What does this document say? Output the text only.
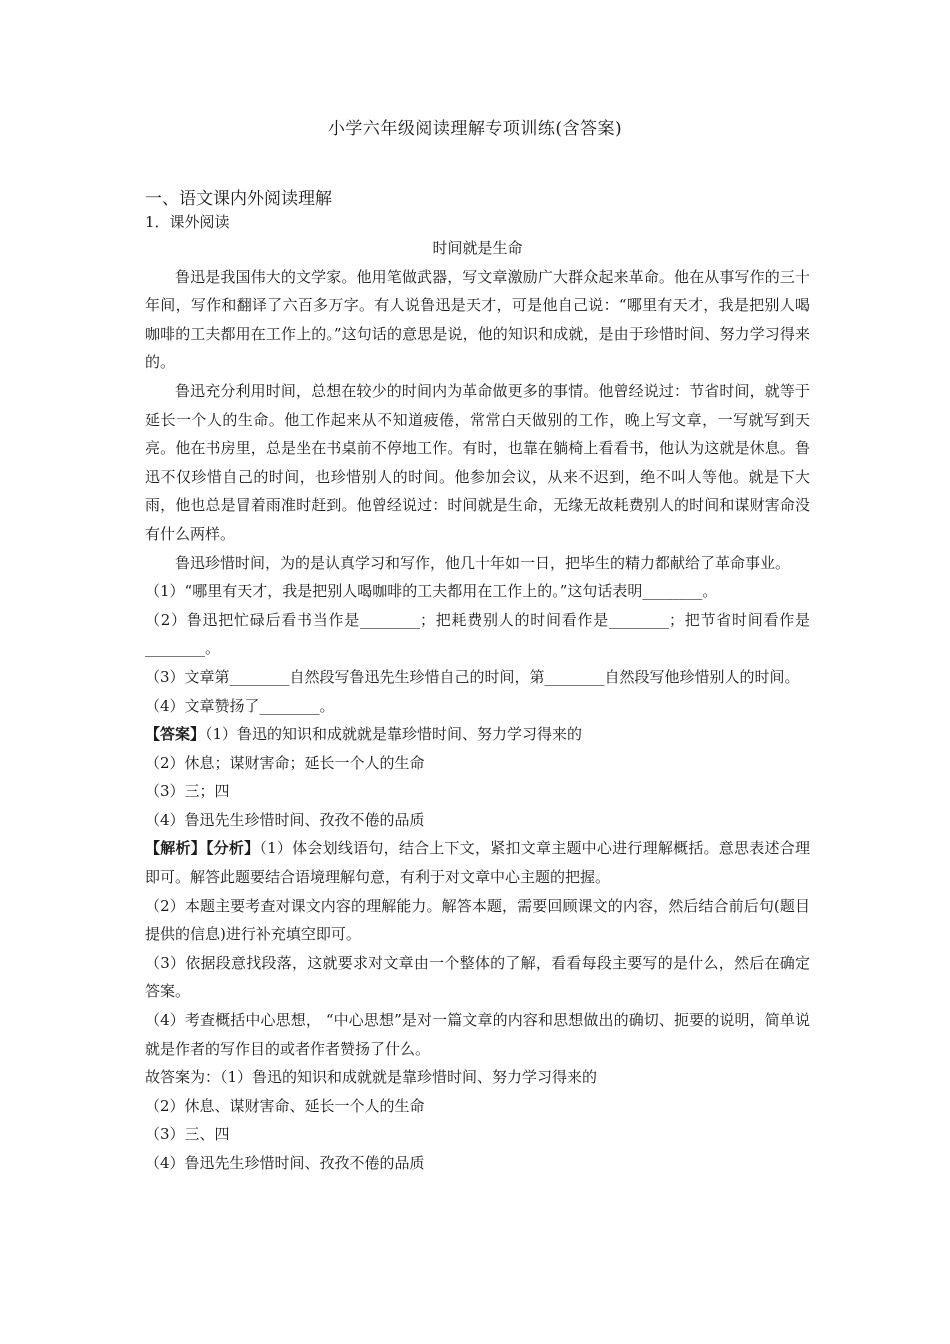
小学六年级阅读理解专项训练(含答案)
一、语文课内外阅读理解
1．课外阅读

时间就是生命

鲁迅是我国伟大的文学家。他用笔做武器，写文章激励广大群众起来革命。他在从事写作的三十年间，写作和翻译了六百多万字。有人说鲁迅是天才，可是他自己说：“哪里有天才，我是把别人喝咖啡的工夫都用在工作上的。”这句话的意思是说，他的知识和成就，是由于珍惜时间、努力学习得来的。

鲁迅充分利用时间，总想在较少的时间内为革命做更多的事情。他曾经说过：节省时间，就等于延长一个人的生命。他工作起来从不知道疲倦，常常白天做别的工作，晚上写文章，一写就写到天亮。他在书房里，总是坐在书桌前不停地工作。有时，也靠在躺椅上看看书，他认为这就是休息。鲁迅不仅珍惜自己的时间，也珍惜别人的时间。他参加会议，从来不迟到，绝不叫人等他。就是下大雨，他也总是冒着雨准时赶到。他曾经说过：时间就是生命，无缘无故耗费别人的时间和谋财害命没有什么两样。

鲁迅珍惜时间，为的是认真学习和写作，他几十年如一日，把毕生的精力都献给了革命事业。

（1）“哪里有天才，我是把别人喝咖啡的工夫都用在工作上的。”这句话表明________。

（2）鲁迅把忙碌后看书当作是________；把耗费别人的时间看作是________；把节省时间看作是________。

（3）文章第________自然段写鲁迅先生珍惜自己的时间，第________自然段写他珍惜别人的时间。

（4）文章赞扬了________。

【答案】（1）鲁迅的知识和成就就是靠珍惜时间、努力学习得来的

（2）休息；谋财害命；延长一个人的生命

（3）三；四

（4）鲁迅先生珍惜时间、孜孜不倦的品质

【解析】【分析】（1）体会划线语句，结合上下文，紧扣文章主题中心进行理解概括。意思表述合理即可。解答此题要结合语境理解句意，有利于对文章中心主题的把握。

（2）本题主要考查对课文内容的理解能力。解答本题，需要回顾课文的内容，然后结合前后句(题目提供的信息)进行补充填空即可。

（3）依据段意找段落，这就要求对文章由一个整体的了解，看看每段主要写的是什么，然后在确定答案。

（4）考查概括中心思想， “中心思想”是对一篇文章的内容和思想做出的确切、扼要的说明，简单说就是作者的写作目的或者作者赞扬了什么。

故答案为：（1）鲁迅的知识和成就就是靠珍惜时间、努力学习得来的

（2）休息、谋财害命、延长一个人的生命

（3）三、四

（4）鲁迅先生珍惜时间、孜孜不倦的品质
